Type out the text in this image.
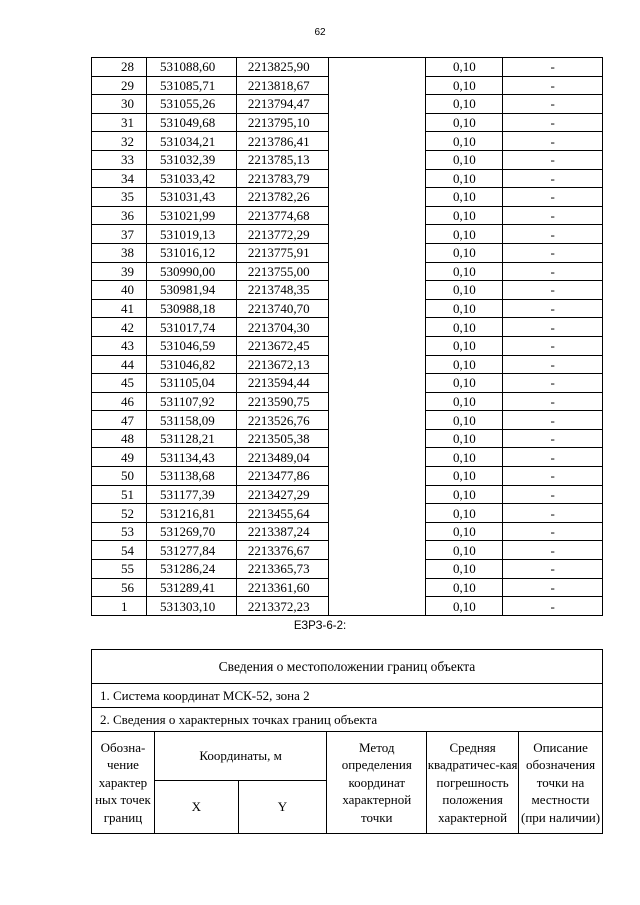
62
28	531088,60	2213825,90		0,10	-
29	531085,71	2213818,67		0,10	-
30	531055,26	2213794,47		0,10	-
31	531049,68	2213795,10		0,10	-
32	531034,21	2213786,41		0,10	-
33	531032,39	2213785,13		0,10	-
34	531033,42	2213783,79		0,10	-
35	531031,43	2213782,26		0,10	-
36	531021,99	2213774,68		0,10	-
37	531019,13	2213772,29		0,10	-
38	531016,12	2213775,91		0,10	-
39	530990,00	2213755,00		0,10	-
40	530981,94	2213748,35		0,10	-
41	530988,18	2213740,70		0,10	-
42	531017,74	2213704,30		0,10	-
43	531046,59	2213672,45		0,10	-
44	531046,82	2213672,13		0,10	-
45	531105,04	2213594,44		0,10	-
46	531107,92	2213590,75		0,10	-
47	531158,09	2213526,76		0,10	-
48	531128,21	2213505,38		0,10	-
49	531134,43	2213489,04		0,10	-
50	531138,68	2213477,86		0,10	-
51	531177,39	2213427,29		0,10	-
52	531216,81	2213455,64		0,10	-
53	531269,70	2213387,24		0,10	-
54	531277,84	2213376,67		0,10	-
55	531286,24	2213365,73		0,10	-
56	531289,41	2213361,60		0,10	-
1	531303,10	2213372,23		0,10	-
ЕЗРЗ-6-2:
Сведения о местоположении границ объекта					
1. Система координат МСК-52, зона 2					
2. Сведения о характерных точках границ объекта					
Обозна-чение характер ных точек границ	Координаты, м		Метод определения координат характерной точки	Средняя квадратичес-кая погрешность положения характерной	Описание обозначения точки на местности (при наличии)
	X	Y			
